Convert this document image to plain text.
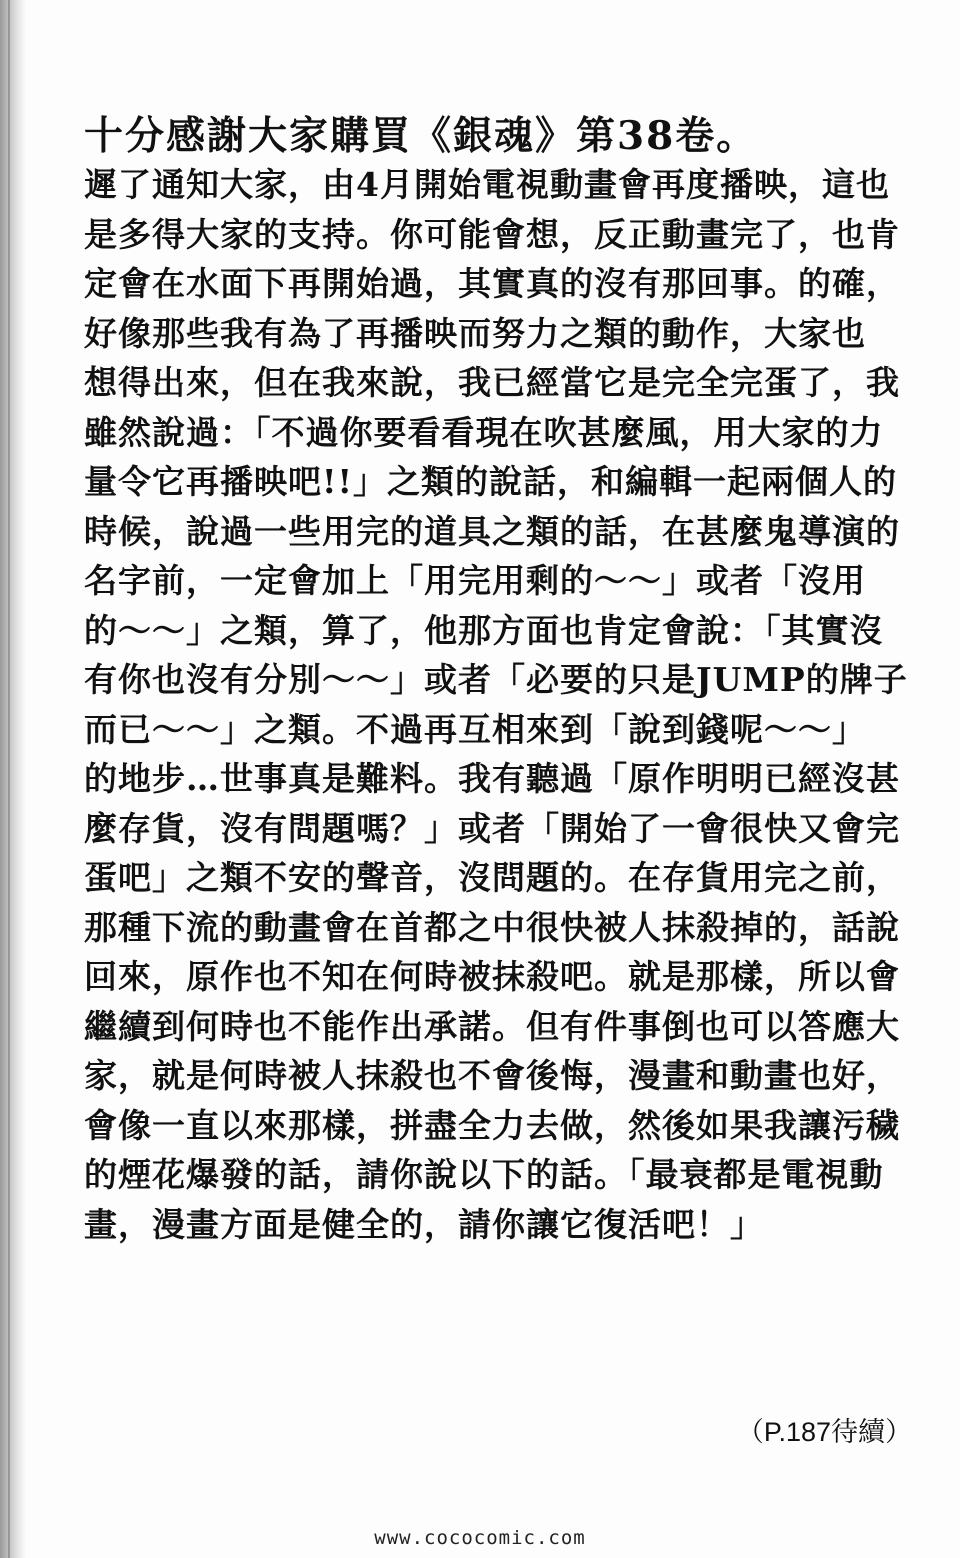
十分感謝大家購買《銀魂》第38卷。
遲了通知大家，由4月開始電視動畫會再度播映，這也
是多得大家的支持。你可能會想，反正動畫完了，也肯
定會在水面下再開始過，其實真的沒有那回事。的確，
好像那些我有為了再播映而努力之類的動作，大家也
想得出來，但在我來說，我已經當它是完全完蛋了，我
雖然說過：「不過你要看看現在吹甚麼風，用大家的力
量令它再播映吧!!」之類的說話，和編輯一起兩個人的
時候，說過一些用完的道具之類的話，在甚麼鬼導演的
名字前，一定會加上「用完用剩的～～」或者「沒用
的～～」之類，算了，他那方面也肯定會說：「其實沒
有你也沒有分別～～」或者「必要的只是JUMP的牌子
而已～～」之類。不過再互相來到「說到錢呢～～」
的地步…世事真是難料。我有聽過「原作明明已經沒甚
麼存貨，沒有問題嗎？」或者「開始了一會很快又會完
蛋吧」之類不安的聲音，沒問題的。在存貨用完之前，
那種下流的動畫會在首都之中很快被人抹殺掉的，話說
回來，原作也不知在何時被抹殺吧。就是那樣，所以會
繼續到何時也不能作出承諾。但有件事倒也可以答應大
家，就是何時被人抹殺也不會後悔，漫畫和動畫也好，
會像一直以來那樣，拼盡全力去做，然後如果我讓污穢
的煙花爆發的話，請你說以下的話。「最衰都是電視動
畫，漫畫方面是健全的，請你讓它復活吧！」
（P.187待續）
www.cococomic.com
